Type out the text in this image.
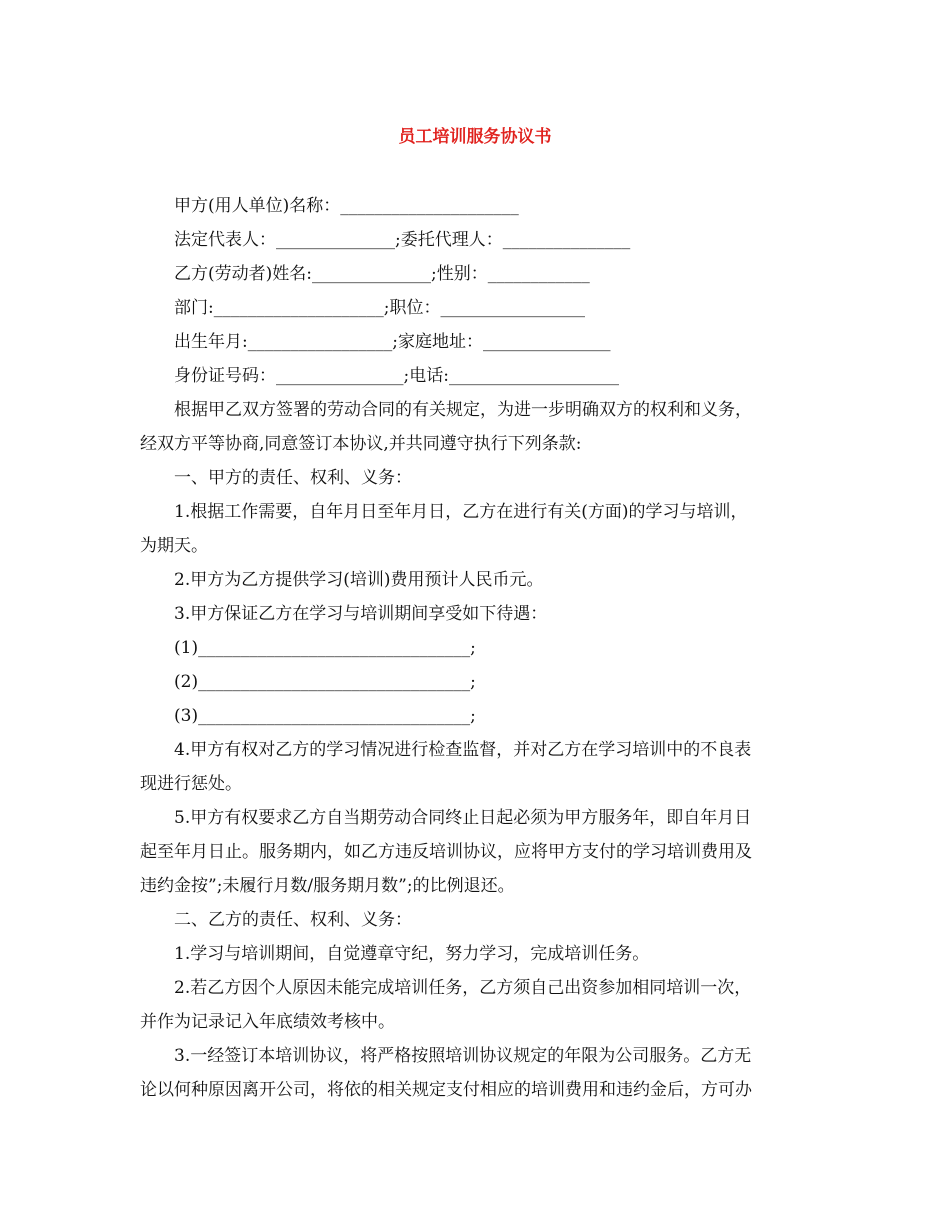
员工培训服务协议书
甲方(用人单位)名称：_____________________
法定代表人：______________;委托代理人：_______________
乙方(劳动者)姓名:______________;性别：____________
部门:____________________;职位：_________________
出生年月:_________________;家庭地址：_______________
身份证号码：_______________;电话:____________________
根据甲乙双方签署的劳动合同的有关规定，为进一步明确双方的权利和义务，
经双方平等协商,同意签订本协议,并共同遵守执行下列条款:
一、甲方的责任、权利、义务：
1.根据工作需要，自年月日至年月日，乙方在进行有关(方面)的学习与培训，
为期天。
2.甲方为乙方提供学习(培训)费用预计人民币元。
3.甲方保证乙方在学习与培训期间享受如下待遇：
(1)________________________________;
(2)________________________________;
(3)________________________________;
4.甲方有权对乙方的学习情况进行检查监督，并对乙方在学习培训中的不良表
现进行惩处。
5.甲方有权要求乙方自当期劳动合同终止日起必须为甲方服务年，即自年月日
起至年月日止。服务期内，如乙方违反培训协议，应将甲方支付的学习培训费用及
违约金按”;未履行月数/服务期月数”;的比例退还。
二、乙方的责任、权利、义务：
1.学习与培训期间，自觉遵章守纪，努力学习，完成培训任务。
2.若乙方因个人原因未能完成培训任务，乙方须自己出资参加相同培训一次，
并作为记录记入年底绩效考核中。
3.一经签订本培训协议，将严格按照培训协议规定的年限为公司服务。乙方无
论以何种原因离开公司，将依的相关规定支付相应的培训费用和违约金后，方可办
